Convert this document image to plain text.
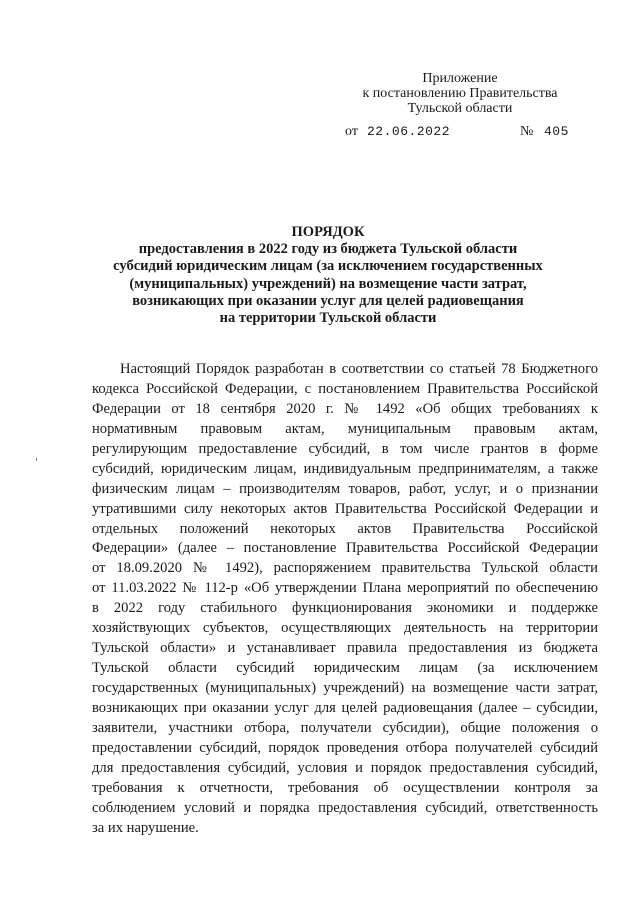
Приложение
к постановлению Правительства
Тульской области
от 22.06.2022	№ 405
ПОРЯДОК
предоставления в 2022 году из бюджета Тульской области
субсидий юридическим лицам (за исключением государственных
(муниципальных) учреждений) на возмещение части затрат,
возникающих при оказании услуг для целей радиовещания
на территории Тульской области
Настоящий Порядок разработан в соответствии со статьей 78 Бюджетного
кодекса Российской Федерации, с постановлением Правительства Российской
Федерации от 18 сентября 2020 г. № 1492 «Об общих требованиях к
нормативным правовым актам, муниципальным правовым актам,
регулирующим предоставление субсидий, в том числе грантов в форме
субсидий, юридическим лицам, индивидуальным предпринимателям, а также
физическим лицам – производителям товаров, работ, услуг, и о признании
утратившими силу некоторых актов Правительства Российской Федерации и
отдельных положений некоторых актов Правительства Российской
Федерации» (далее – постановление Правительства Российской Федерации
от 18.09.2020 № 1492), распоряжением правительства Тульской области
от 11.03.2022 № 112-р «Об утверждении Плана мероприятий по обеспечению
в 2022 году стабильного функционирования экономики и поддержке
хозяйствующих субъектов, осуществляющих деятельность на территории
Тульской области» и устанавливает правила предоставления из бюджета
Тульской области субсидий юридическим лицам (за исключением
государственных (муниципальных) учреждений) на возмещение части затрат,
возникающих при оказании услуг для целей радиовещания (далее – субсидии,
заявители, участники отбора, получатели субсидии), общие положения о
предоставлении субсидий, порядок проведения отбора получателей субсидий
для предоставления субсидий, условия и порядок предоставления субсидий,
требования к отчетности, требования об осуществлении контроля за
соблюдением условий и порядка предоставления субсидий, ответственность
за их нарушение.
